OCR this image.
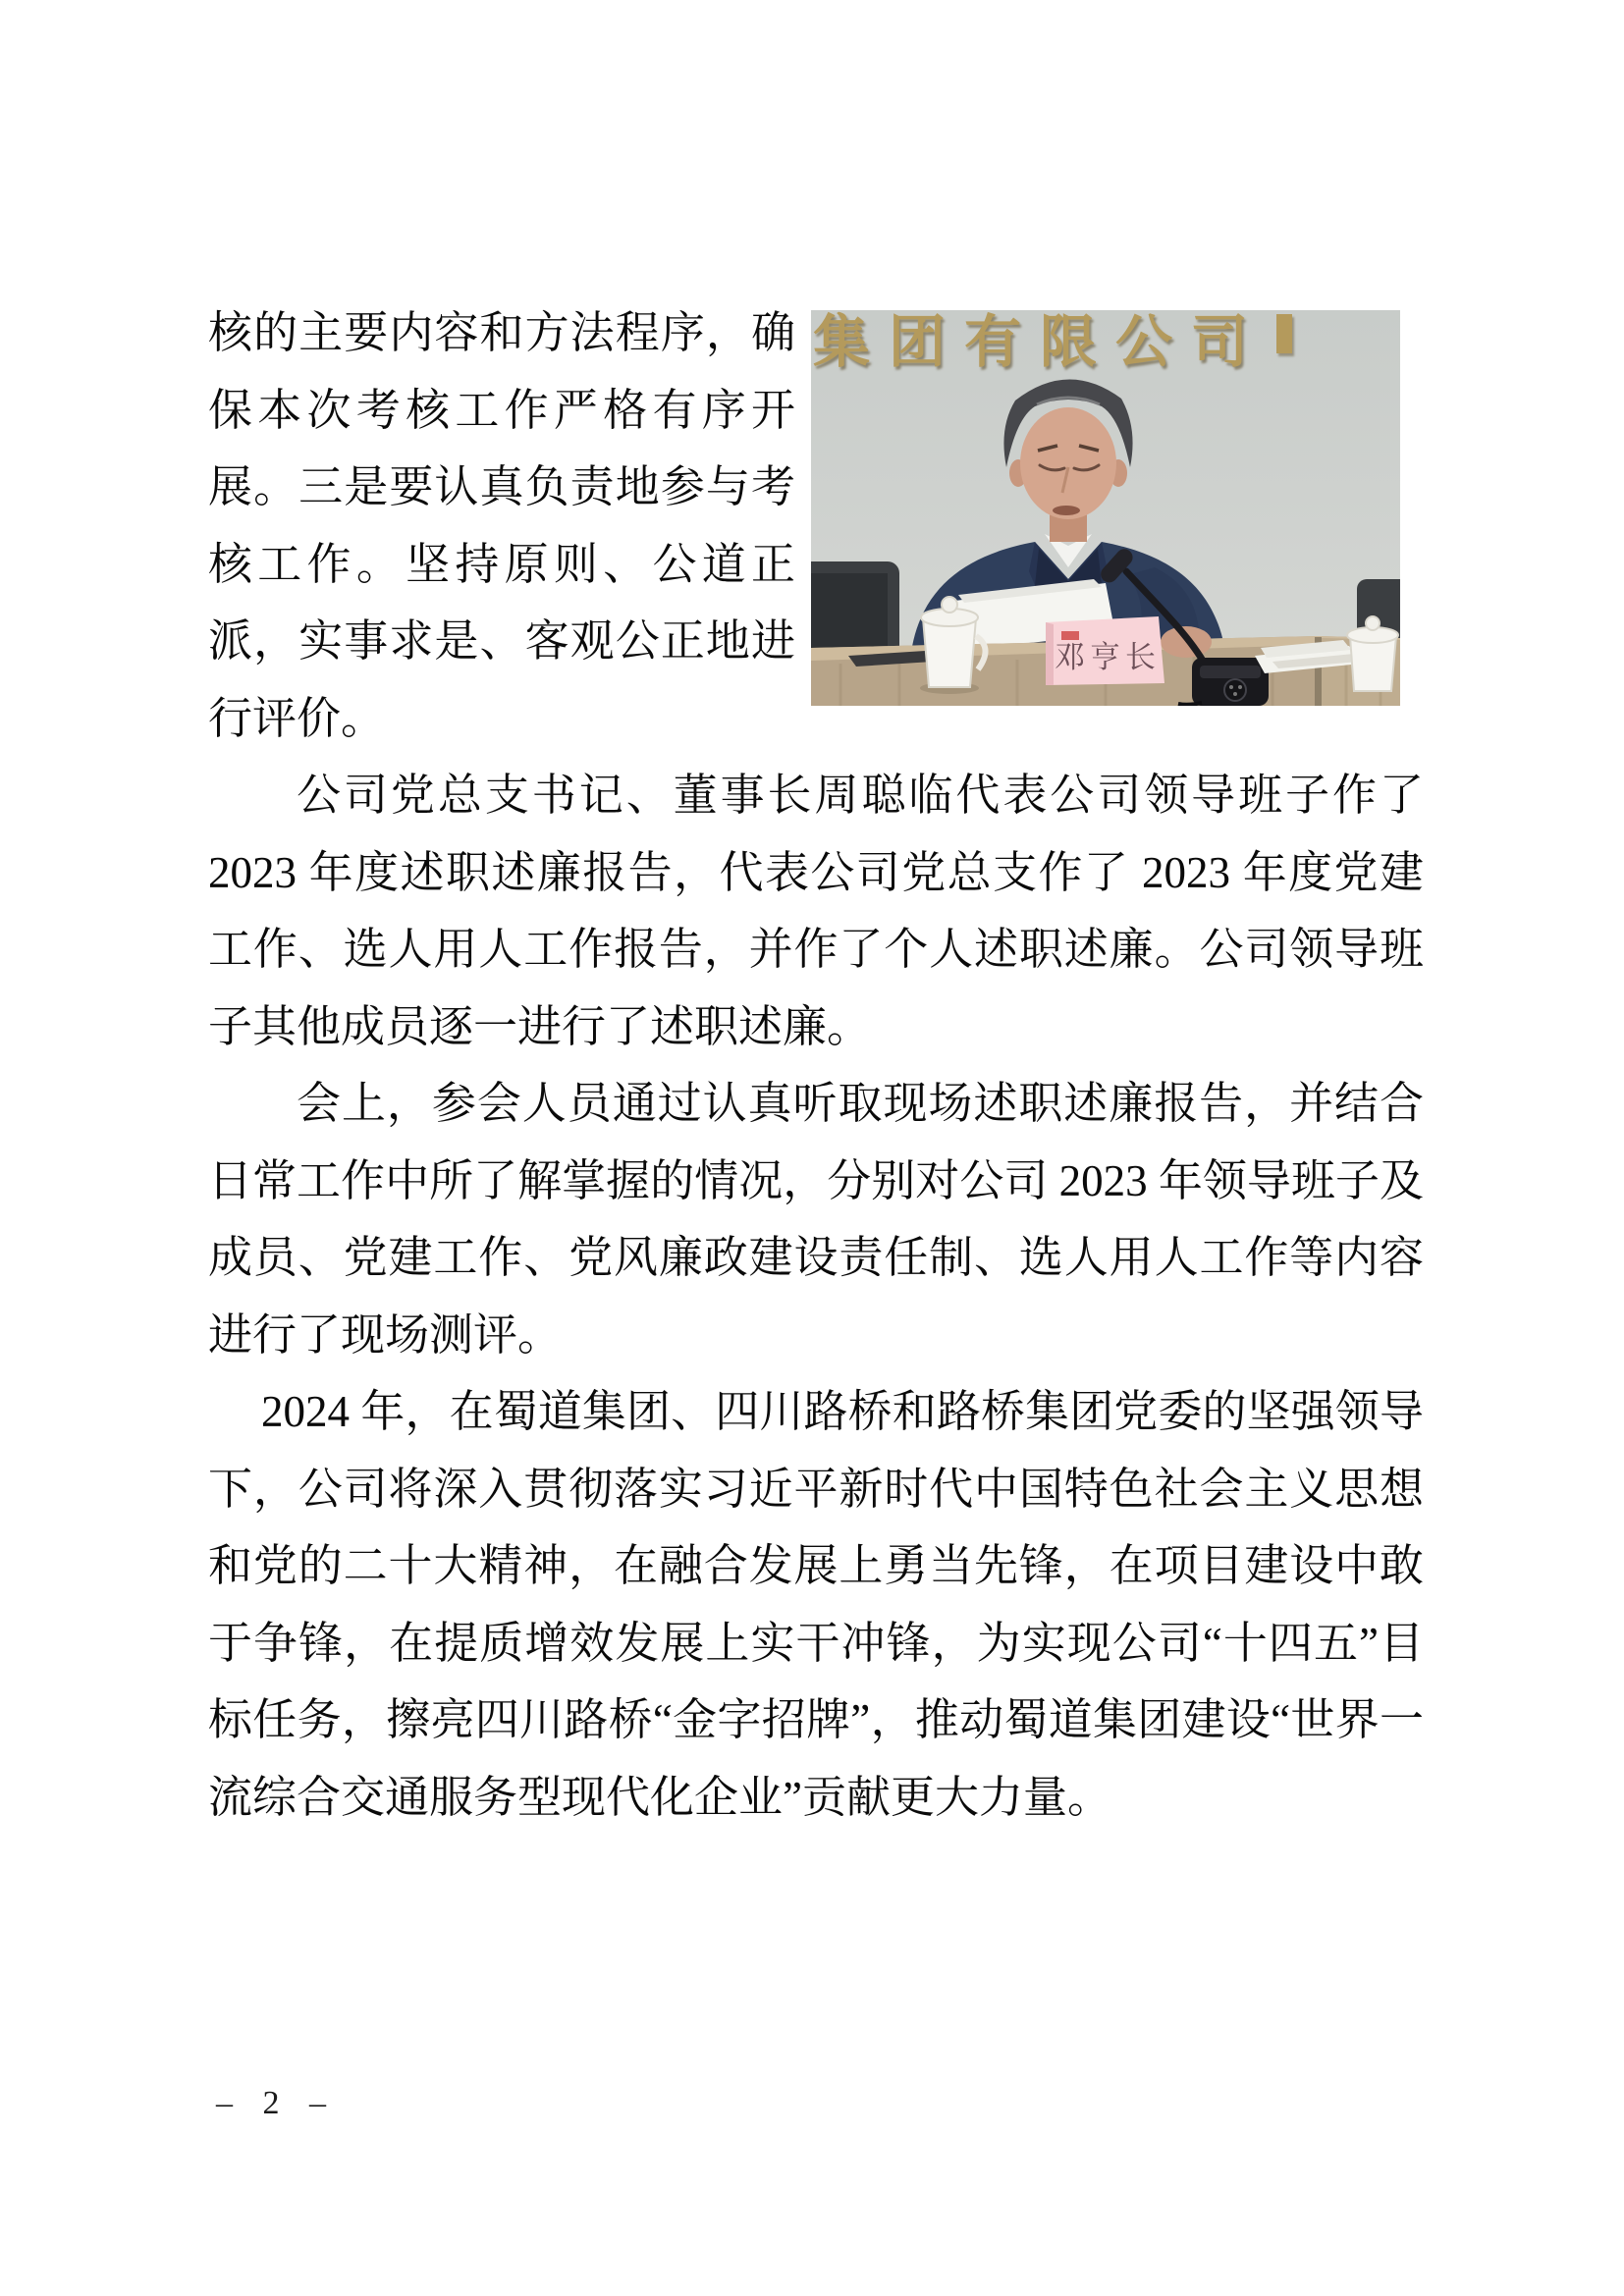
集团有限公司
邓亨长
核的主要内容和方法程序，确保本次考核工作严格有序开展。三是要认真负责地参与考核工作。坚持原则、公道正派，实事求是、客观公正地进行评价。

公司党总支书记、董事长周聪临代表公司领导班子作了 2023 年度述职述廉报告，代表公司党总支作了 2023 年度党建工作、选人用人工作报告，并作了个人述职述廉。公司领导班子其他成员逐一进行了述职述廉。

会上，参会人员通过认真听取现场述职述廉报告，并结合日常工作中所了解掌握的情况，分别对公司 2023 年领导班子及成员、党建工作、党风廉政建设责任制、选人用人工作等内容进行了现场测评。

2024 年，在蜀道集团、四川路桥和路桥集团党委的坚强领导下，公司将深入贯彻落实习近平新时代中国特色社会主义思想和党的二十大精神，在融合发展上勇当先锋，在项目建设中敢于争锋，在提质增效发展上实干冲锋，为实现公司“十四五”目标任务，擦亮四川路桥“金字招牌”，推动蜀道集团建设“世界一流综合交通服务型现代化企业”贡献更大力量。

– 2 –
